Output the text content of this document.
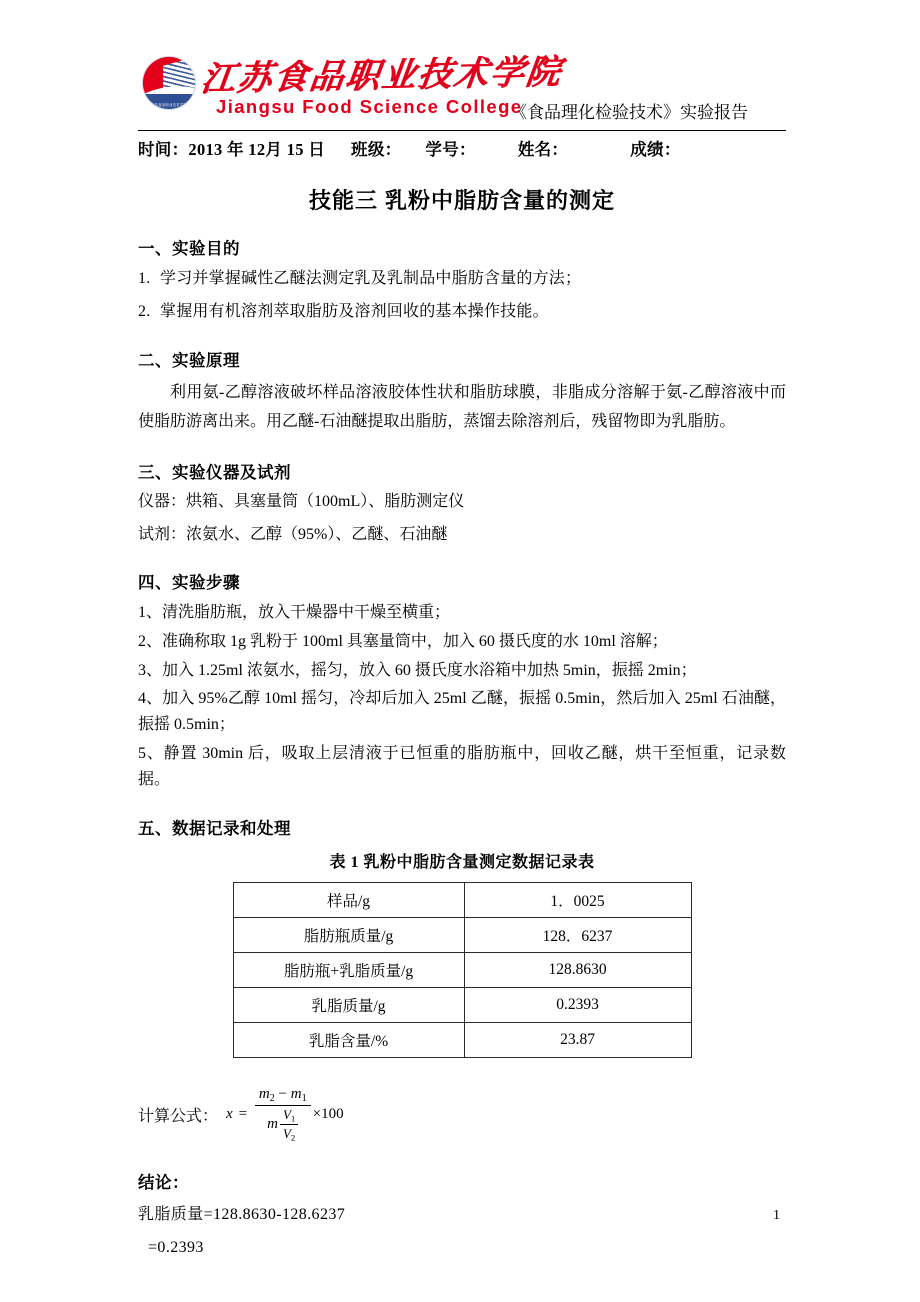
江苏食品职业技术学院
江苏食品职业技术学院
Jiangsu Food Science College
《食品理化检验技术》实验报告
时间：2013 年 12月 15 日 班级： 学号：	姓名：	成绩：
技能三 乳粉中脂肪含量的测定
一、实验目的

1. 学习并掌握碱性乙醚法测定乳及乳制品中脂肪含量的方法；

2. 掌握用有机溶剂萃取脂肪及溶剂回收的基本操作技能。

二、实验原理

利用氨-乙醇溶液破坏样品溶液胶体性状和脂肪球膜，非脂成分溶解于氨-乙醇溶液中而使脂肪游离出来。用乙醚-石油醚提取出脂肪，蒸馏去除溶剂后，残留物即为乳脂肪。

三、实验仪器及试剂

仪器：烘箱、具塞量筒（100mL）、脂肪测定仪

试剂：浓氨水、乙醇（95%）、乙醚、石油醚

四、实验步骤

1、清洗脂肪瓶，放入干燥器中干燥至横重；

2、准确称取 1g 乳粉于 100ml 具塞量筒中，加入 60 摄氏度的水 10ml 溶解；

3、加入 1.25ml 浓氨水，摇匀，放入 60 摄氏度水浴箱中加热 5min，振摇 2min；

4、加入 95%乙醇 10ml 摇匀，冷却后加入 25ml 乙醚，振摇 0.5min，然后加入 25ml 石油醚，振摇 0.5min；

5、静置 30min 后，吸取上层清液于已恒重的脂肪瓶中，回收乙醚，烘干至恒重，记录数据。

五、数据记录和处理
表 1 乳粉中脂肪含量测定数据记录表
样品/g	1．0025
脂肪瓶质量/g	128．6237
脂肪瓶+乳脂质量/g	128.8630
乳脂质量/g	0.2393
乳脂含量/%	23.87
计算公式： $x = \frac{m_2 - m_1}{m \frac{V_1}{V_2}} \times 100$
结论：

乳脂质量=128.8630-128.6237

=0.2393

1
